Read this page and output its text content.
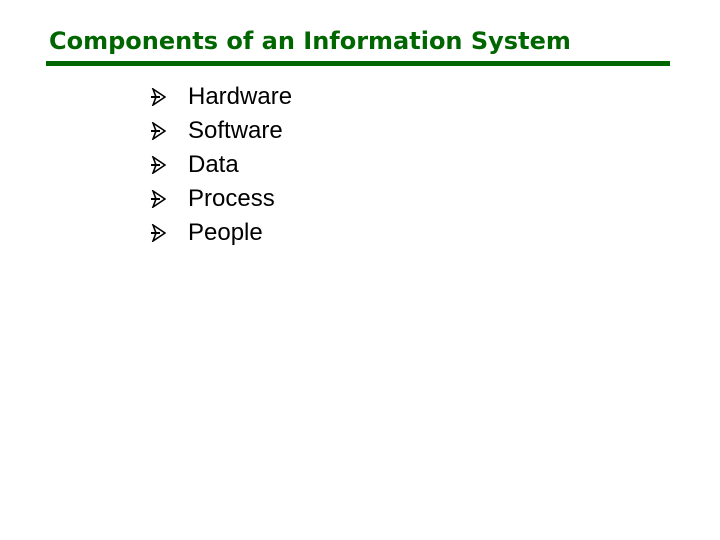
Components of an Information System
Hardware
Software
Data
Process
People
